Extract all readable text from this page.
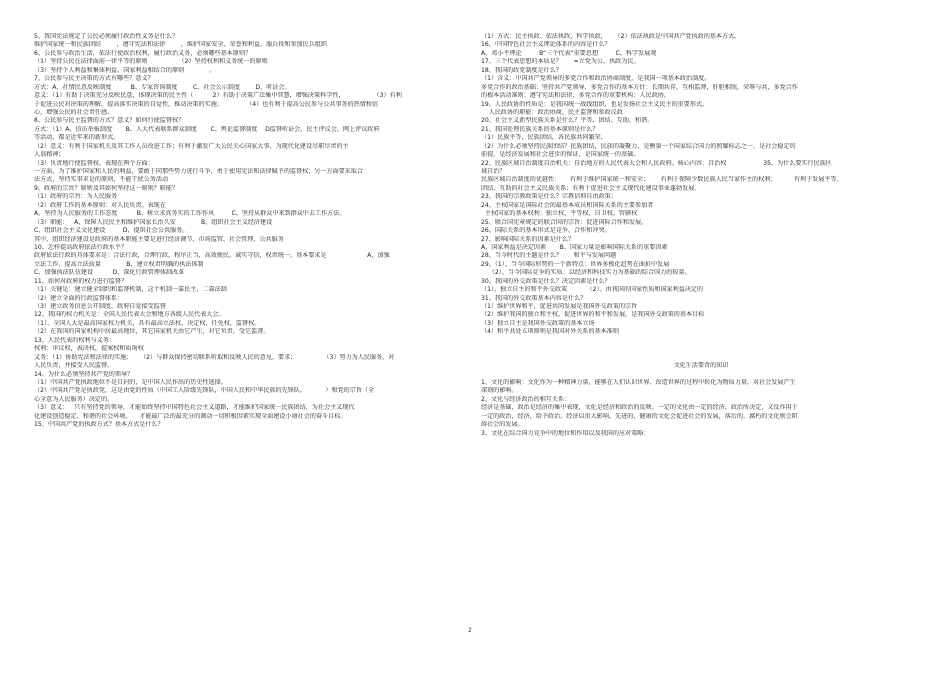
5、我国宪法规定了公民必须履行政治性义务是什么？
维护国家统一和民族团结        ，遵守宪法和法律        ，维护国家安全、荣誉和利益，服兵役和参加民兵组织
6、公民参与政治生活，依法行使政治权利，履行政治义务，必须哪些基本原则？
（1）坚持公民在法律面前一律平等的原则                （2）坚持权利和义务统一的原则
（3）坚持个人利益和集体利益、国家利益相结合的原则             。
7、公民参与民主决策的方式有哪些？意义？
方式：A、社情民意反映制度          B、专家咨询制度        C、社会公示制度        D、听证会。
意义：（1）有助于决策充分反映民意，体现决策的民主性（          2）有助于决策广泛集中智慧，增强决策科学性，               （3）有利
于促进公民对决策的理解，提高落实决策的自觉性，推动决策的实施；            （4）也有利于提高公民参与公共事务的热情和信
心，增强公民的社会责任感。
8、公民参与民主监督的方式？意义？如何行使监督权？
方式：（1）A、信访举报制度       B、人大代表联系群众制度       C、舆论监督制度    D监督听证会，民主评议会，网上评议政府
等活动，都是近年来的新形式。
（2）意义：有利于国家机关及其工作人员改进工作；有利于激发广大公民关心国家大事，为现代化建设尽职尽责的主
人翁精神；
（3）负责地行使监督权。表现在两个方面：
一方面，为了维护国家和人民的利益，要敢于同那些势力进行斗争，勇于使用宪法和法律赋予的监督权；另一方面要采取合
法方式，坚持实事求是的原则，不能干扰公务活动
9、政府的宗旨？原则及其如何坚持这一原则？职能？
（1）政府的宗旨：为人民服务
（2）政府工作的基本原则：对人民负责。表现在
A、坚持为人民服务的工作态度          B、树立求真务实的工作作风         C、坚持从群众中来到群众中去工作方法。
（3）职能：   A、保障人民民主和维护国家长治久安             B、组织社会主义经济建设
C、组织社会主义文化建设         D、提供社会公共服务。
其中，组织经济建设是政府的基本职能主要是进行经济调节、市场监管、社会管理、公共服务
10、怎样提高政府依法行政水平？
政府依法行政的具体要求是：合法行政，合理行政，程序正当，高效便民，诚实守信，权责统一。基本要求是                     A、加强
立法工作，提高立法质量             B、建立权责明确的执法体制
C、加强执法队伍建设          D、深化行政管理体制改革
11、如何对政府的权力进行监督？
（1）关键是：建立健全制约和监督机制，这个机制一靠民主，二靠法制
（2）建立全面的行政监督体系：
（3）建立政务信息公开制度，政府自觉接受监督
12、我国的权力机关是：全国人民代表大会和地方各级人民代表大会。
（1）、全国人大是最高国家权力机关，具有最高立法权，决定权，任免权，监督权。
（2）在我国的国家机构中居最高地位，其它国家机关由它产生，对它负责，受它监督。
13、人民代表的权利与义务：
权利：审议权，表决权，提案权和质询权
义务：（1）协助宪法和法律的实施；    （2）与群众保持密切联系听取和反映人民的意见、要求；              （3）努力为人民服务，对
人民负责，并接受人民监督。
14、为什么必须坚持共产党的领导？
（1）中国共产党执政地位不是自封的，是中国人民作出的历史性选择。
（2）中国共产党是执政党，这是由党的性质（中国工人阶级先锋队，中国人民和中华民族的先锋队。          ）和党的宗旨（全
心全意为人民服务）决定的。
（3）意义：   只有坚持党的领导，才能始终坚持中国特色社会主义道路，才能维护国家统一民族团结，为社会主义现代
化建设创造稳定、和谐的社会环境。    才能最广泛的最充分的调动一切积极因素实现全面建设小康社会的奋斗目标。
15、中国共产党的执政方式？基本方式是什么？
（1）方式：民主执政、依法执政，科学执政，    （2）依法执政是中国共产党执政的基本方式。
16、中国特色社会主义理论体系的内容是什么？
A、邓小平理论         B“三个代表”重要思想         C、科学发展观
17、三个代表思想的本质是？      =立党为公，执政为民。
18、我国的政党制度是什么？
（1）含义：中国共产党领导的多党合作和政治协商制度，是我国一项基本政治制度。
多党合作的政治基础：坚持共产党领导，多党合作的基本方针：长期共存，互相监督，肝胆相照，荣辱与共，多党合作
的根本活动准则：遵守宪法和法律，多党合作的重要机构：人民政协。
19、人民政协的性质是：是我国统一战线组织，也是发扬社会主义民主的重要形式。
人民政协的职能：政治协商，民主监督和参政议政
20、社会主义新型民族关系是什么？平等、团结、互助、和谐。
21、我国处理民族关系的基本原则是什么？
（1）民族平等，民族团结，各民族共同繁荣。
（2）为什么必须坚持民族团结？民族团结，民族的凝聚力，是衡量一个国家综合国力的照耀标志之一，是社会稳定的
前提，是经济发展和社会进步的保证，是国家统一的基础。
22、民族区域自治制度自治机关：自治地方的人民代表大会和人民政府。核心内容：自治权                   35、为什么要实行民族区
域自治？
民族区域自治制度的优越性：     有利于维护国家统一和安全；      有利于保障少数民族人民当家作主的权利；         有利于发展平等、
团结、互助的社会主义民族关系；有利于促进社会主义现代化建设事业蓬勃发展。
23、我国的宗教政策是什么？宗教信仰自由政策；
24、主权国家是国际社会的最基本成员和国际关系的主要参加者
主权国家的基本权利：独立权、平等权、自卫权，管辖权
25、联合国宪章规定的联合国的宗旨：促进国际合作和发展。
26、国际关系的基本形式是竞争，合作和冲突。
27、影响国际关系的因素是什么？
A、国家利益是决定因素       B、国家力量是影响国际关系的重要因素
28、当今时代的主题是什么？      和平与发展问题
29、（1）、当今国际形势的一个新特点：世界多极化趋势在曲折中发展
（2）、当今国际竞争的实质：以经济和科技实力为基础的综合国力的较量。
30、我国的外交政策是什么？决定因素是什么？
（1）、独立自主的和平外交政策          （2）、由我国的国家性质和国家利益决定的
31、我国的外交政策基本内容是什么？
（1）维护世界和平，促进共同发展是我国外交政策的宗旨
（2）维护我国的独立和主权，促进世界的和平和发展，是我国外交政策的基本目标
（3）独立自主是我国外交政策的基本立场
（4）和平共处五项原则是我国对外关系的基本准则
文化生活要背的知识
1、文化的影响：文化作为一种精神力量，能够在人们认识世界、改造世界的过程中转化为物质力量，对社会发展产生
深刻的影响。
2、文化与经济政治的相互关系：
经济是基础，政治是经济的集中表现，文化是经济和政治的反映。一定的文化由一定的经济、政治所决定，又反作用于
一定的政治，经济，给予政治、经济以重大影响。先进的、健康的文化会促进社会的发展，落后的，腐朽的文化则会阻
碍社会的发展。
3、文化在综合国力竞争中的地位和作用以及我国的应对策略：
2
